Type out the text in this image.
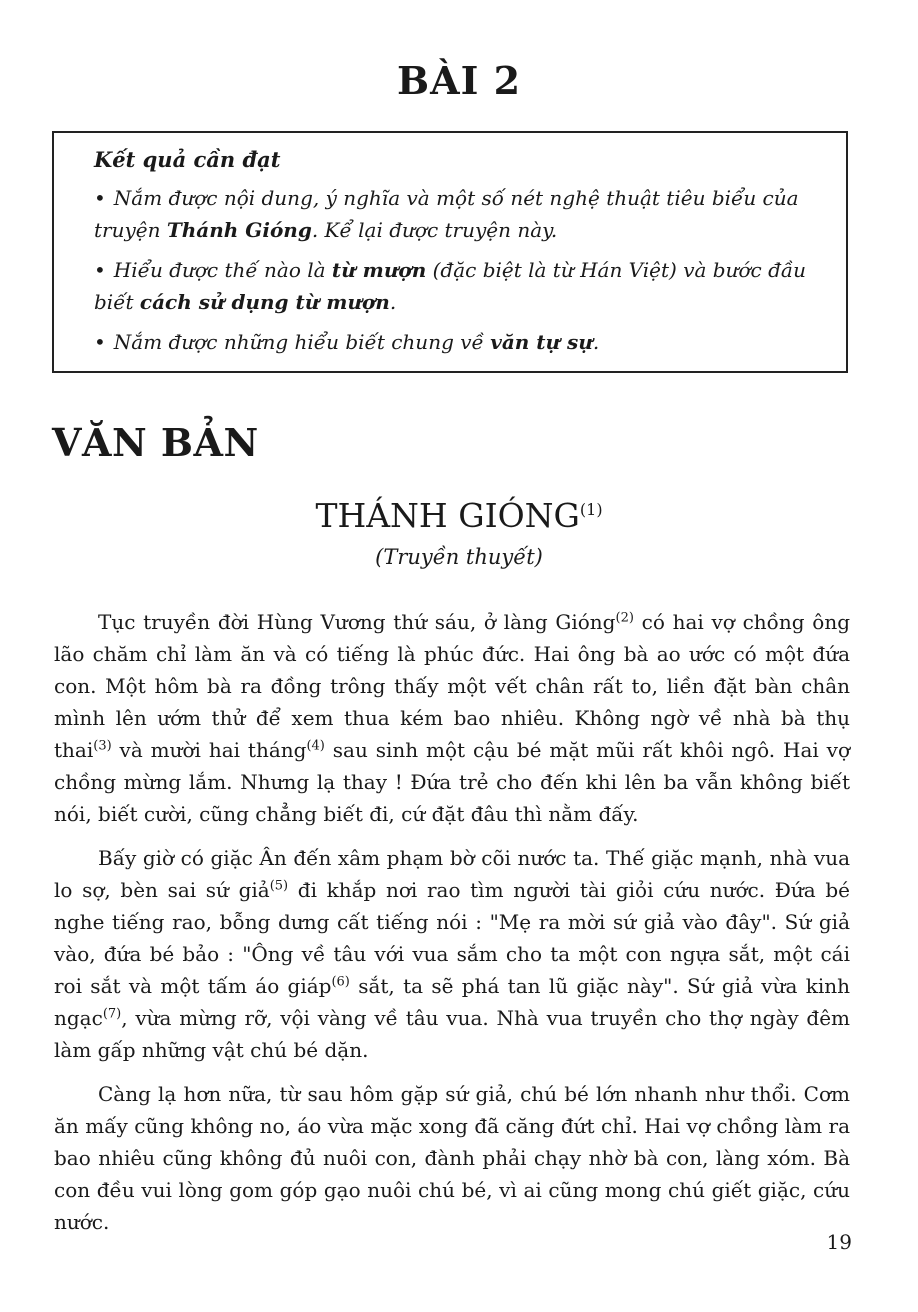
BÀI 2

Kết quả cần đạt

• Nắm được nội dung, ý nghĩa và một số nét nghệ thuật tiêu biểu của truyện Thánh Gióng. Kể lại được truyện này.

• Hiểu được thế nào là từ mượn (đặc biệt là từ Hán Việt) và bước đầu biết cách sử dụng từ mượn.

• Nắm được những hiểu biết chung về văn tự sự.

VĂN BẢN
THÁNH GIÓNG$^{(1)}$
(Truyền thuyết)

Tục truyền đời Hùng Vương thứ sáu, ở làng Gióng$^{(2)}$ có hai vợ chồng ông lão chăm chỉ làm ăn và có tiếng là phúc đức. Hai ông bà ao ước có một đứa con. Một hôm bà ra đồng trông thấy một vết chân rất to, liền đặt bàn chân mình lên ướm thử để xem thua kém bao nhiêu. Không ngờ về nhà bà thụ thai$^{(3)}$ và mười hai tháng$^{(4)}$ sau sinh một cậu bé mặt mũi rất khôi ngô. Hai vợ chồng mừng lắm. Nhưng lạ thay ! Đứa trẻ cho đến khi lên ba vẫn không biết nói, biết cười, cũng chẳng biết đi, cứ đặt đâu thì nằm đấy.

Bấy giờ có giặc Ân đến xâm phạm bờ cõi nước ta. Thế giặc mạnh, nhà vua lo sợ, bèn sai sứ giả$^{(5)}$ đi khắp nơi rao tìm người tài giỏi cứu nước. Đứa bé nghe tiếng rao, bỗng dưng cất tiếng nói : "Mẹ ra mời sứ giả vào đây". Sứ giả vào, đứa bé bảo : "Ông về tâu với vua sắm cho ta một con ngựa sắt, một cái roi sắt và một tấm áo giáp$^{(6)}$ sắt, ta sẽ phá tan lũ giặc này". Sứ giả vừa kinh ngạc$^{(7)}$, vừa mừng rỡ, vội vàng về tâu vua. Nhà vua truyền cho thợ ngày đêm làm gấp những vật chú bé dặn.

Càng lạ hơn nữa, từ sau hôm gặp sứ giả, chú bé lớn nhanh như thổi. Cơm ăn mấy cũng không no, áo vừa mặc xong đã căng đứt chỉ. Hai vợ chồng làm ra bao nhiêu cũng không đủ nuôi con, đành phải chạy nhờ bà con, làng xóm. Bà con đều vui lòng gom góp gạo nuôi chú bé, vì ai cũng mong chú giết giặc, cứu nước.

19
